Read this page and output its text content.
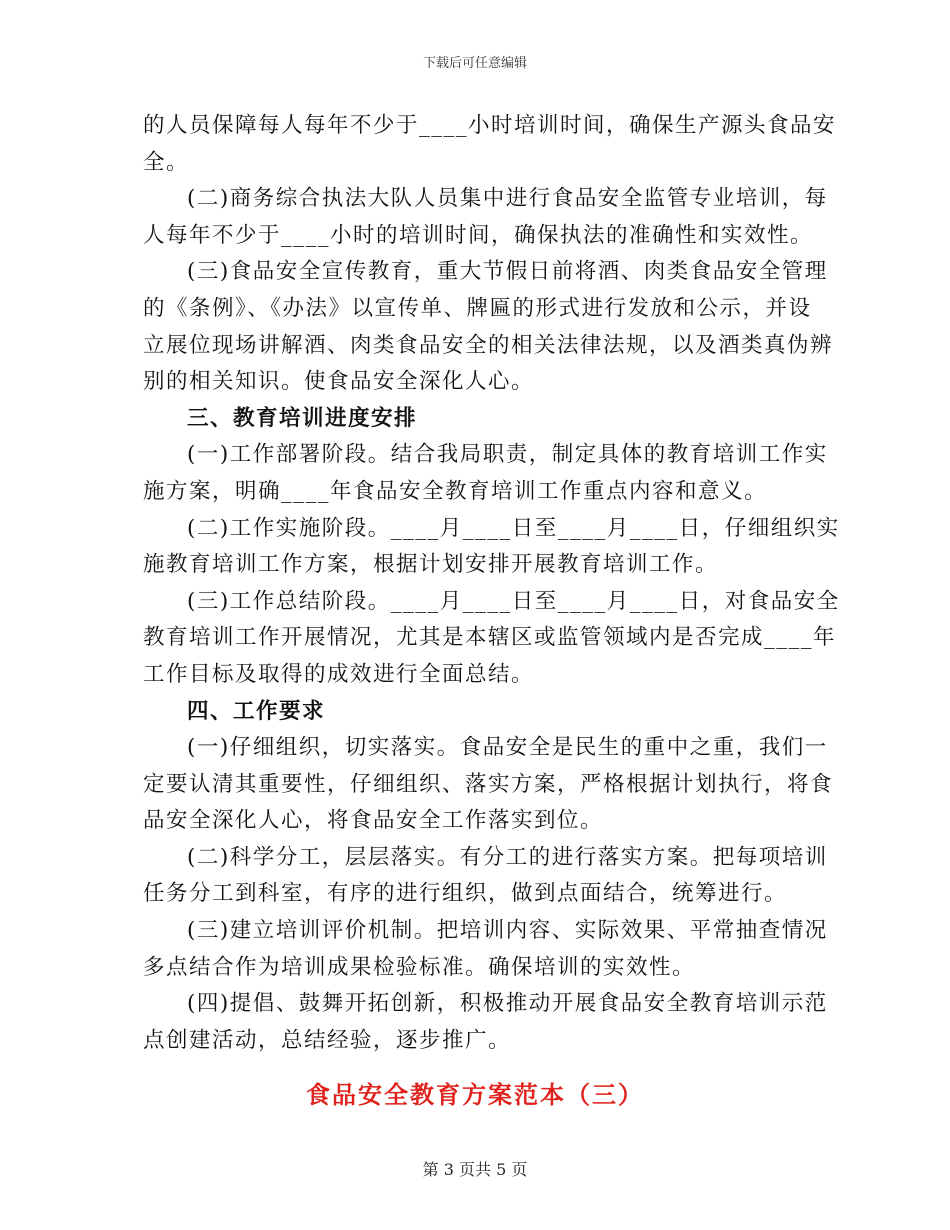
下载后可任意编辑

的人员保障每人每年不少于____小时培训时间，确保生产源头食品安

全。

(二)商务综合执法大队人员集中进行食品安全监管专业培训，每

人每年不少于____小时的培训时间，确保执法的准确性和实效性。

(三)食品安全宣传教育，重大节假日前将酒、肉类食品安全管理

的《条例》、《办法》以宣传单、牌匾的形式进行发放和公示，并设

立展位现场讲解酒、肉类食品安全的相关法律法规，以及酒类真伪辨

别的相关知识。使食品安全深化人心。

三、教育培训进度安排

(一)工作部署阶段。结合我局职责，制定具体的教育培训工作实

施方案，明确____年食品安全教育培训工作重点内容和意义。

(二)工作实施阶段。____月____日至____月____日，仔细组织实

施教育培训工作方案，根据计划安排开展教育培训工作。

(三)工作总结阶段。____月____日至____月____日，对食品安全

教育培训工作开展情况，尤其是本辖区或监管领域内是否完成____年

工作目标及取得的成效进行全面总结。

四、工作要求

(一)仔细组织，切实落实。食品安全是民生的重中之重，我们一

定要认清其重要性，仔细组织、落实方案，严格根据计划执行，将食

品安全深化人心，将食品安全工作落实到位。

(二)科学分工，层层落实。有分工的进行落实方案。把每项培训

任务分工到科室，有序的进行组织，做到点面结合，统筹进行。

(三)建立培训评价机制。把培训内容、实际效果、平常抽查情况

多点结合作为培训成果检验标准。确保培训的实效性。

(四)提倡、鼓舞开拓创新，积极推动开展食品安全教育培训示范

点创建活动，总结经验，逐步推广。

食品安全教育方案范本（三）
第 3 页共 5 页
